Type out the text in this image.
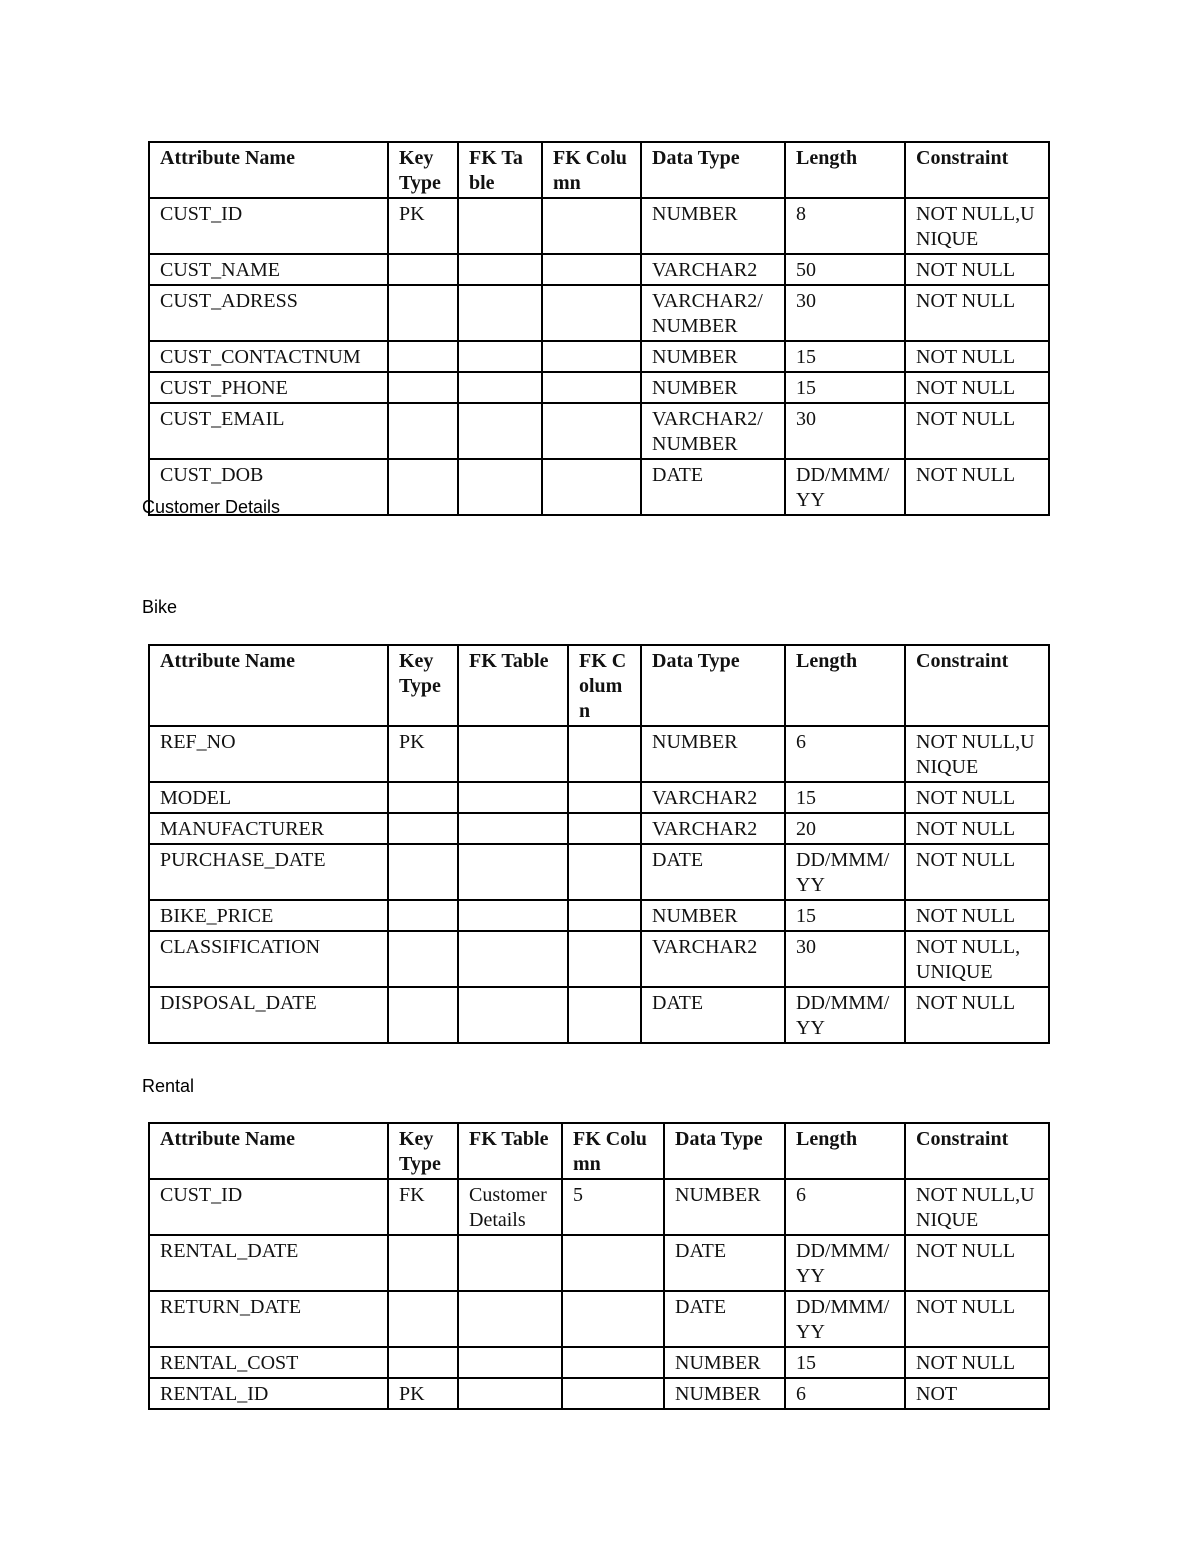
Attribute Name	Key Type	FK Table	FK Column	Data Type	Length	Constraint
CUST_ID	PK			NUMBER	8	NOT NULL,UNIQUE
CUST_NAME				VARCHAR2	50	NOT NULL
CUST_ADRESS				VARCHAR2/ NUMBER	30	NOT NULL
CUST_CONTACTNUM				NUMBER	15	NOT NULL
CUST_PHONE				NUMBER	15	NOT NULL
CUST_EMAIL				VARCHAR2/ NUMBER	30	NOT NULL
CUST_DOB				DATE	DD/MMM/YY	NOT NULL
Customer Details
Bike
Attribute Name	Key Type	FK Table	FK Column	Data Type	Length	Constraint
REF_NO	PK			NUMBER	6	NOT NULL,UNIQUE
MODEL				VARCHAR2	15	NOT NULL
MANUFACTURER				VARCHAR2	20	NOT NULL
PURCHASE_DATE				DATE	DD/MMM/YY	NOT NULL
BIKE_PRICE				NUMBER	15	NOT NULL
CLASSIFICATION				VARCHAR2	30	NOT NULL, UNIQUE
DISPOSAL_DATE				DATE	DD/MMM/YY	NOT NULL
Rental
Attribute Name	Key Type	FK Table	FK Column	Data Type	Length	Constraint
CUST_ID	FK	Customer Details	5	NUMBER	6	NOT NULL,UNIQUE
RENTAL_DATE				DATE	DD/MMM/YY	NOT NULL
RETURN_DATE				DATE	DD/MMM/YY	NOT NULL
RENTAL_COST				NUMBER	15	NOT NULL
RENTAL_ID	PK			NUMBER	6	NOT
